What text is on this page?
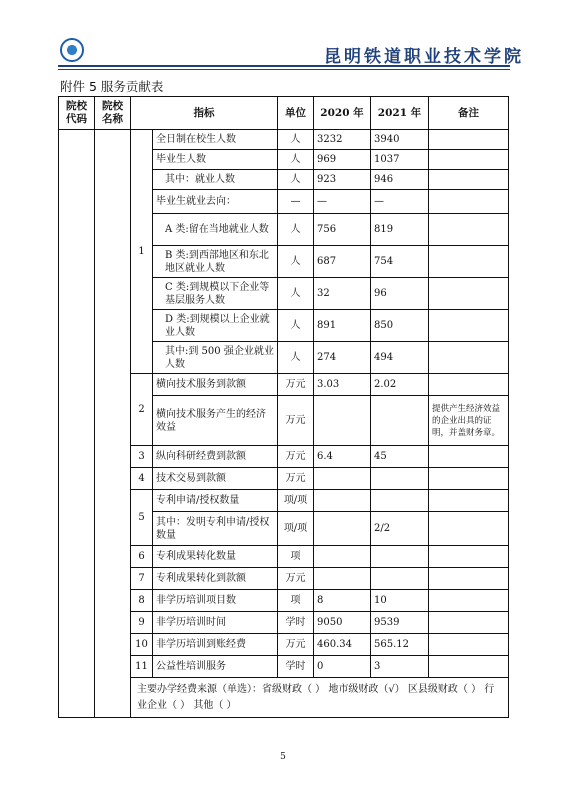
昆明铁道职业技术学院
附件 5 服务贡献表
院校代码	院校名称	指标		单位	2020 年	2021 年	备注
		1	全日制在校生人数	人	3232	3940	
			毕业生人数	人	969	1037	
			其中：就业人数	人	923	946	
			毕业生就业去向：	—	—	—	
			A 类:留在当地就业人数	人	756	819	
			B 类:到西部地区和东北地区就业人数	人	687	754	
			C 类:到规模以下企业等基层服务人数	人	32	96	
			D 类:到规模以上企业就业人数	人	891	850	
			其中:到 500 强企业就业人数	人	274	494	
		2	横向技术服务到款额	万元	3.03	2.02	
			横向技术服务产生的经济效益	万元			提供产生经济效益的企业出具的证明，并盖财务章。
		3	纵向科研经费到款额	万元	6.4	45	
		4	技术交易到款额	万元			
		5	专利申请/授权数量	项/项			
			其中：发明专利申请/授权数量	项/项		2/2	
		6	专利成果转化数量	项			
		7	专利成果转化到款额	万元			
		8	非学历培训项目数	项	8	10	
		9	非学历培训时间	学时	9050	9539	
		10	非学历培训到账经费	万元	460.34	565.12	
		11	公益性培训服务	学时	0	3	
		主要办学经费来源（单选）：省级财政（ ） 地市级财政（√） 区县级财政（ ） 行业企业（ ） 其他（ ）					
5
